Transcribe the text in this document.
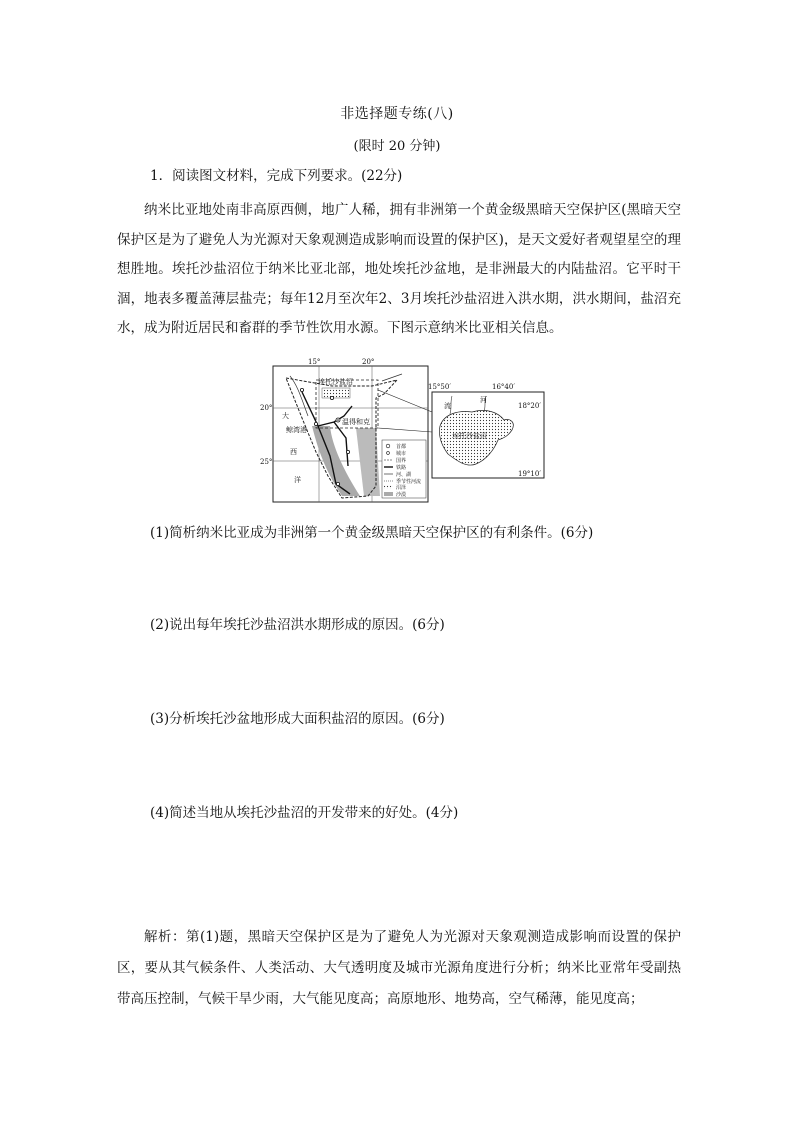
非选择题专练(八)
(限时 20 分钟)
1．阅读图文材料，完成下列要求。(22分)

纳米比亚地处南非高原西侧，地广人稀，拥有非洲第一个黄金级黑暗天空保护区(黑暗天空保护区是为了避免人为光源对天象观测造成影响而设置的保护区)，是天文爱好者观望星空的理想胜地。埃托沙盐沼位于纳米比亚北部，地处埃托沙盆地，是非洲最大的内陆盐沼。它平时干涸，地表多覆盖薄层盐壳；每年12月至次年2、3月埃托沙盐沼进入洪水期，洪水期间，盐沼充水，成为附近居民和畜群的季节性饮用水源。下图示意纳米比亚相关信息。

15°	20°
20°
25°
埃托沙盐沼
温得和克
鲸湾港
大
西
洋
首都
城市
国界
铁路
河、湖
季节性河流
沼泽
沙漠
15°50′	16°40′
18°20′
19°10′
河
流
埃托沙盐沼
(1)简析纳米比亚成为非洲第一个黄金级黑暗天空保护区的有利条件。(6分)
(2)说出每年埃托沙盐沼洪水期形成的原因。(6分)
(3)分析埃托沙盆地形成大面积盐沼的原因。(6分)
(4)简述当地从埃托沙盐沼的开发带来的好处。(4分)

解析：第(1)题，黑暗天空保护区是为了避免人为光源对天象观测造成影响而设置的保护区，要从其气候条件、人类活动、大气透明度及城市光源角度进行分析；纳米比亚常年受副热带高压控制，气候干旱少雨，大气能见度高；高原地形、地势高，空气稀薄，能见度高；
